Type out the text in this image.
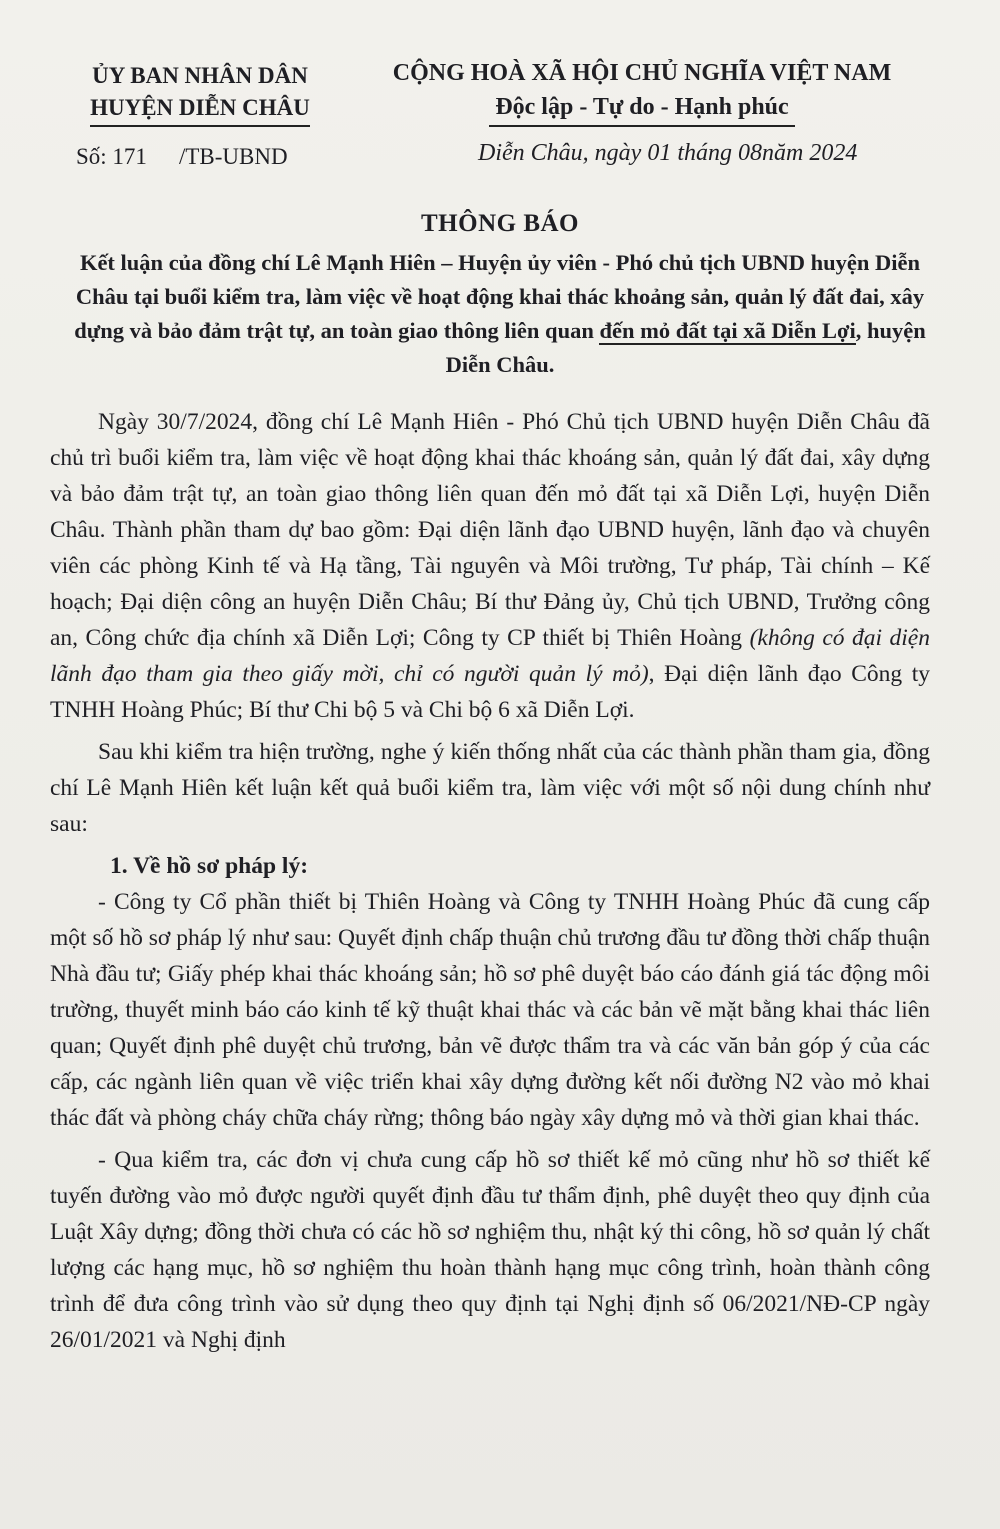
ỦY BAN NHÂN DÂN
HUYỆN DIỄN CHÂU
CỘNG HOÀ XÃ HỘI CHỦ NGHĨA VIỆT NAM
Độc lập - Tự do - Hạnh phúc
Số: 171 /TB-UBND	Diễn Châu, ngày 01 tháng 08năm 2024
THÔNG BÁO
Kết luận của đồng chí Lê Mạnh Hiên – Huyện ủy viên - Phó chủ tịch UBND huyện Diễn Châu tại buổi kiểm tra, làm việc về hoạt động khai thác khoảng sản, quản lý đất đai, xây dựng và bảo đảm trật tự, an toàn giao thông liên quan đến mỏ đất tại xã Diễn Lợi, huyện Diễn Châu.

Ngày 30/7/2024, đồng chí Lê Mạnh Hiên - Phó Chủ tịch UBND huyện Diễn Châu đã chủ trì buổi kiểm tra, làm việc về hoạt động khai thác khoáng sản, quản lý đất đai, xây dựng và bảo đảm trật tự, an toàn giao thông liên quan đến mỏ đất tại xã Diễn Lợi, huyện Diễn Châu. Thành phần tham dự bao gồm: Đại diện lãnh đạo UBND huyện, lãnh đạo và chuyên viên các phòng Kinh tế và Hạ tầng, Tài nguyên và Môi trường, Tư pháp, Tài chính – Kế hoạch; Đại diện công an huyện Diễn Châu; Bí thư Đảng ủy, Chủ tịch UBND, Trưởng công an, Công chức địa chính xã Diễn Lợi; Công ty CP thiết bị Thiên Hoàng (không có đại diện lãnh đạo tham gia theo giấy mời, chỉ có người quản lý mỏ), Đại diện lãnh đạo Công ty TNHH Hoàng Phúc; Bí thư Chi bộ 5 và Chi bộ 6 xã Diễn Lợi.

Sau khi kiểm tra hiện trường, nghe ý kiến thống nhất của các thành phần tham gia, đồng chí Lê Mạnh Hiên kết luận kết quả buổi kiểm tra, làm việc với một số nội dung chính như sau:

1. Về hồ sơ pháp lý:

- Công ty Cổ phần thiết bị Thiên Hoàng và Công ty TNHH Hoàng Phúc đã cung cấp một số hồ sơ pháp lý như sau: Quyết định chấp thuận chủ trương đầu tư đồng thời chấp thuận Nhà đầu tư; Giấy phép khai thác khoáng sản; hồ sơ phê duyệt báo cáo đánh giá tác động môi trường, thuyết minh báo cáo kinh tế kỹ thuật khai thác và các bản vẽ mặt bằng khai thác liên quan; Quyết định phê duyệt chủ trương, bản vẽ được thẩm tra và các văn bản góp ý của các cấp, các ngành liên quan về việc triển khai xây dựng đường kết nối đường N2 vào mỏ khai thác đất và phòng cháy chữa cháy rừng; thông báo ngày xây dựng mỏ và thời gian khai thác.

- Qua kiểm tra, các đơn vị chưa cung cấp hồ sơ thiết kế mỏ cũng như hồ sơ thiết kế tuyến đường vào mỏ được người quyết định đầu tư thẩm định, phê duyệt theo quy định của Luật Xây dựng; đồng thời chưa có các hồ sơ nghiệm thu, nhật ký thi công, hồ sơ quản lý chất lượng các hạng mục, hồ sơ nghiệm thu hoàn thành hạng mục công trình, hoàn thành công trình để đưa công trình vào sử dụng theo quy định tại Nghị định số 06/2021/NĐ-CP ngày 26/01/2021 và Nghị định
